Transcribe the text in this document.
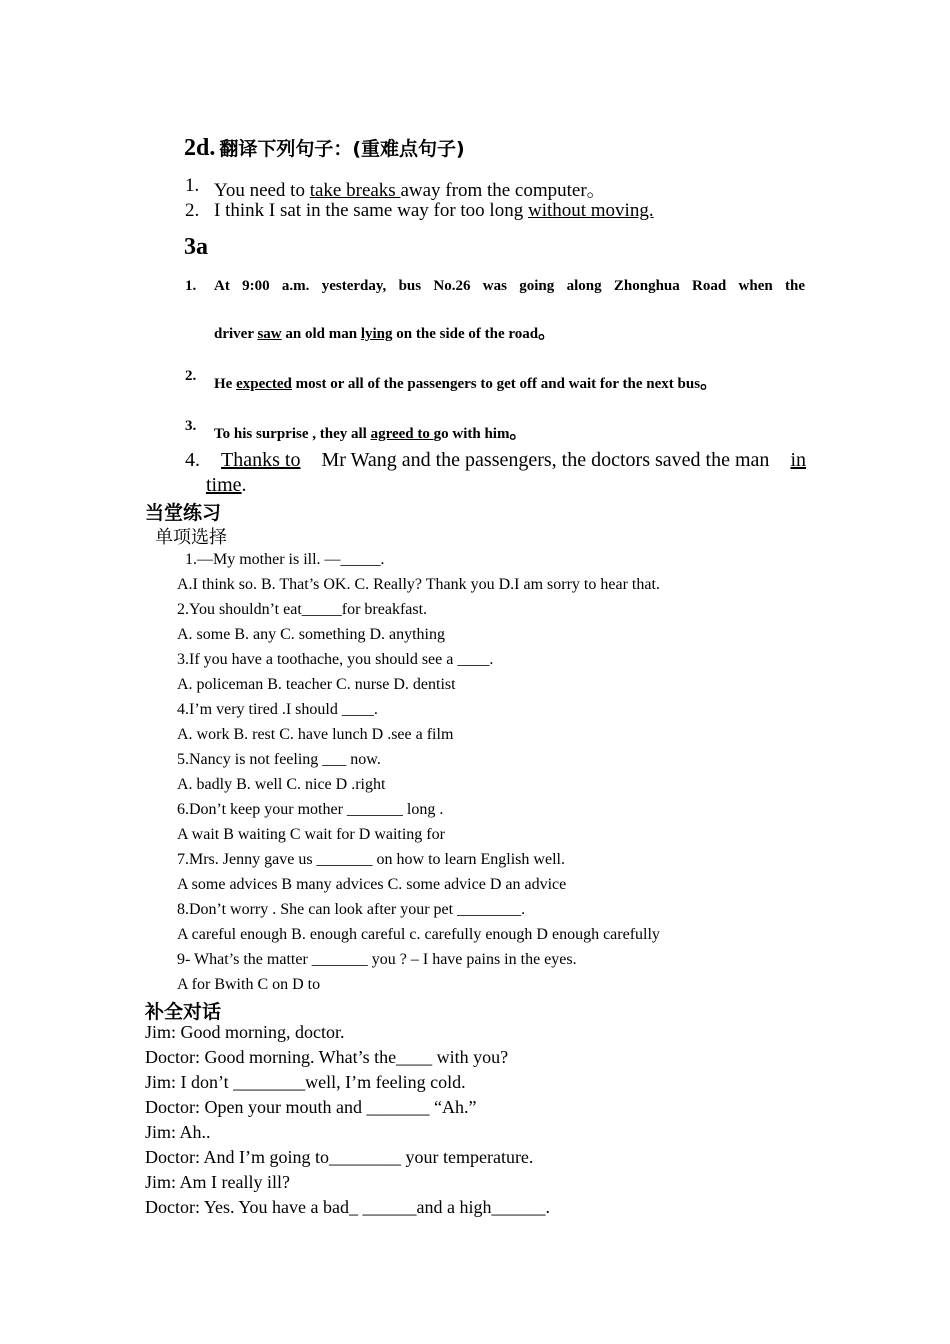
2d. 翻译下列句子：(重难点句子)
1. You need to take breaks away from the computer。
2. I think I sat in the same way for too long without moving.
3a
1. At 9:00 a.m. yesterday, bus No.26 was going along Zhonghua Road when the
driver saw an old man lying on the side of the road。
2. He expected most or all of the passengers to get off and wait for the next bus。
3. To his surprise , they all agreed to go with him。
4. Thanks to Mr Wang and the passengers, the doctors saved the man in
time.
当堂练习
单项选择
1.—My mother is ill. —_____.
A.I think so. B. That’s OK. C. Really? Thank you D.I am sorry to hear that.
2.You shouldn’t eat_____for breakfast.
A. some B. any C. something D. anything
3.If you have a toothache, you should see a ____.
A. policeman B. teacher C. nurse D. dentist
4.I’m very tired .I should ____.
A. work B. rest C. have lunch D .see a film
5.Nancy is not feeling ___ now.
A. badly B. well C. nice D .right
6.Don’t keep your mother _______ long .
A wait B waiting C wait for D waiting for
7.Mrs. Jenny gave us _______ on how to learn English well.
A some advices B many advices C. some advice D an advice
8.Don’t worry . She can look after your pet ________.
A careful enough B. enough careful c. carefully enough D enough carefully
9- What’s the matter _______ you ? – I have pains in the eyes.
A for Bwith C on D to
补全对话
Jim: Good morning, doctor.
Doctor: Good morning. What’s the____ with you?
Jim: I don’t ________well, I’m feeling cold.
Doctor: Open your mouth and _______ “Ah.”
Jim: Ah..
Doctor: And I’m going to________ your temperature.
Jim: Am I really ill?
Doctor: Yes. You have a bad_ ______and a high______.
